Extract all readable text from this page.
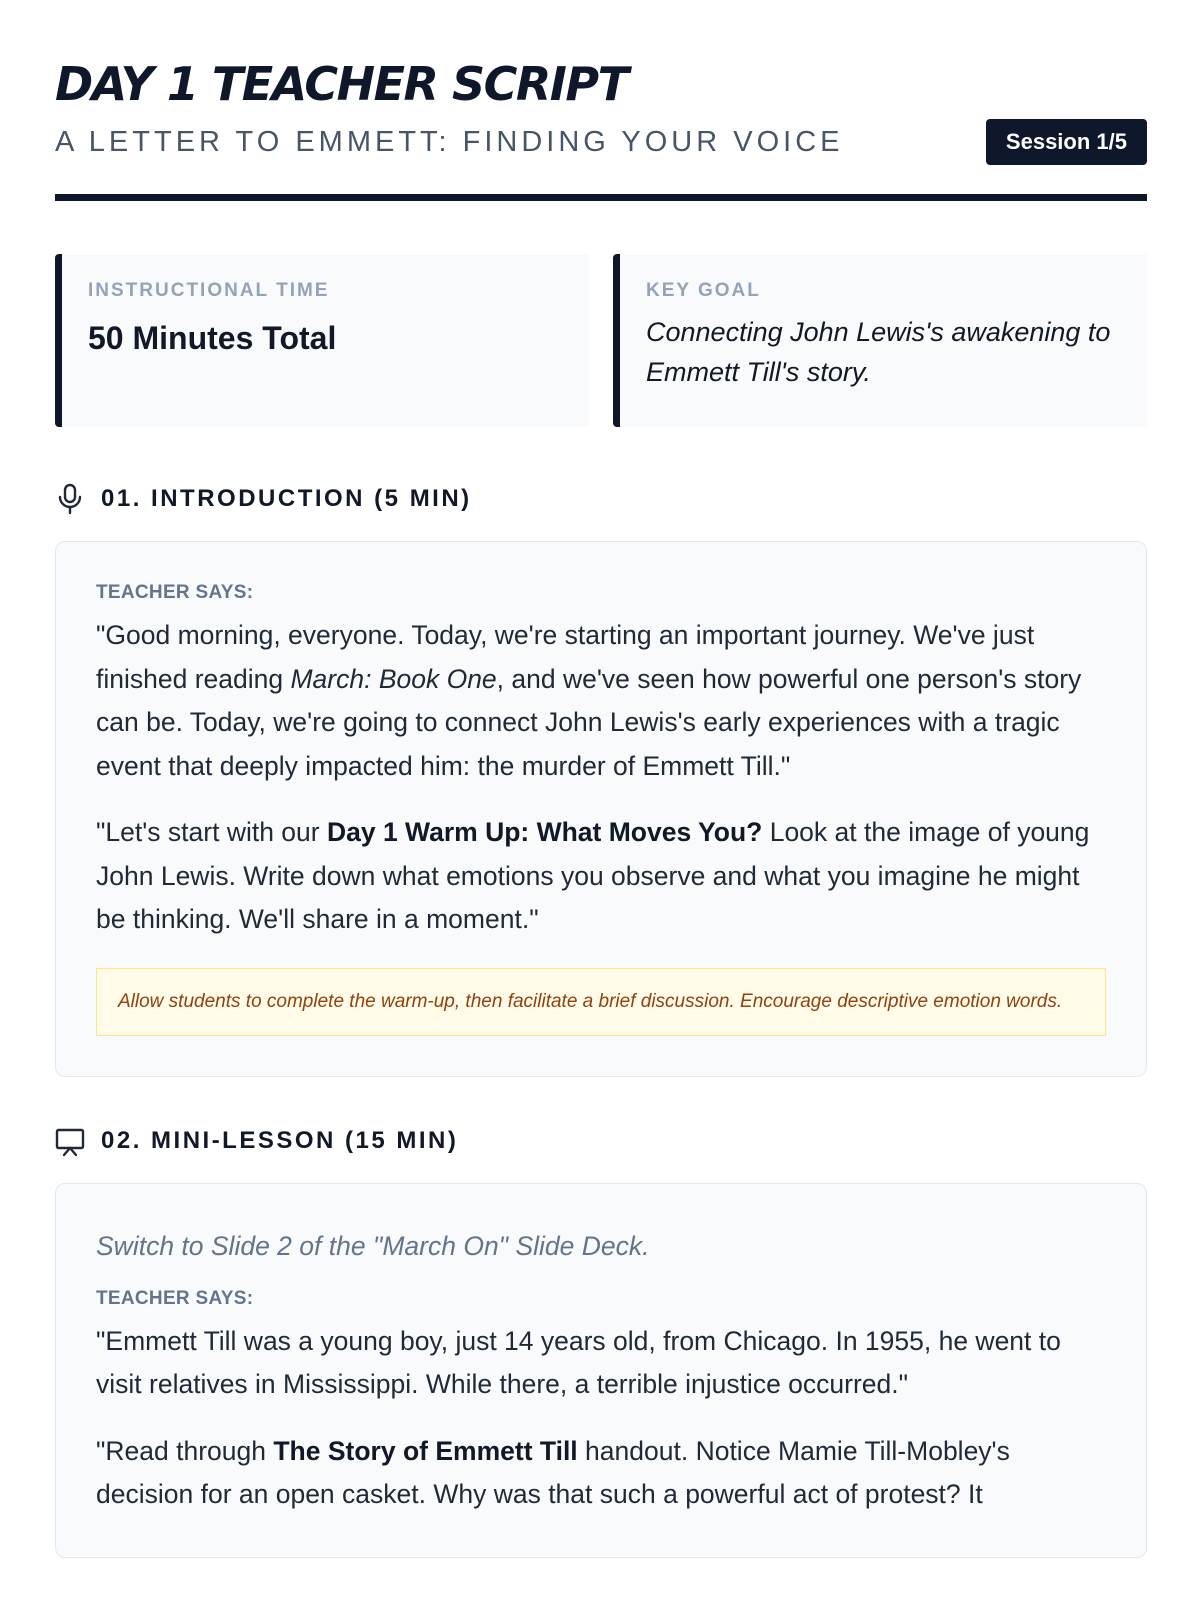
DAY 1 TEACHER SCRIPT
A LETTER TO EMMETT: FINDING YOUR VOICE	Session 1/5
INSTRUCTIONAL TIME
50 Minutes Total
KEY GOAL
Connecting John Lewis's awakening to Emmett Till's story.
01. INTRODUCTION (5 MIN)
TEACHER SAYS:

"Good morning, everyone. Today, we're starting an important journey. We've just finished reading March: Book One, and we've seen how powerful one person's story can be. Today, we're going to connect John Lewis's early experiences with a tragic event that deeply impacted him: the murder of Emmett Till."

"Let's start with our Day 1 Warm Up: What Moves You? Look at the image of young John Lewis. Write down what emotions you observe and what you imagine he might be thinking. We'll share in a moment."

Allow students to complete the warm-up, then facilitate a brief discussion. Encourage descriptive emotion words.
02. MINI-LESSON (15 MIN)

Switch to Slide 2 of the "March On" Slide Deck.

TEACHER SAYS:

"Emmett Till was a young boy, just 14 years old, from Chicago. In 1955, he went to visit relatives in Mississippi. While there, a terrible injustice occurred."

"Read through The Story of Emmett Till handout. Notice Mamie Till-Mobley's decision for an open casket. Why was that such a powerful act of protest? It
